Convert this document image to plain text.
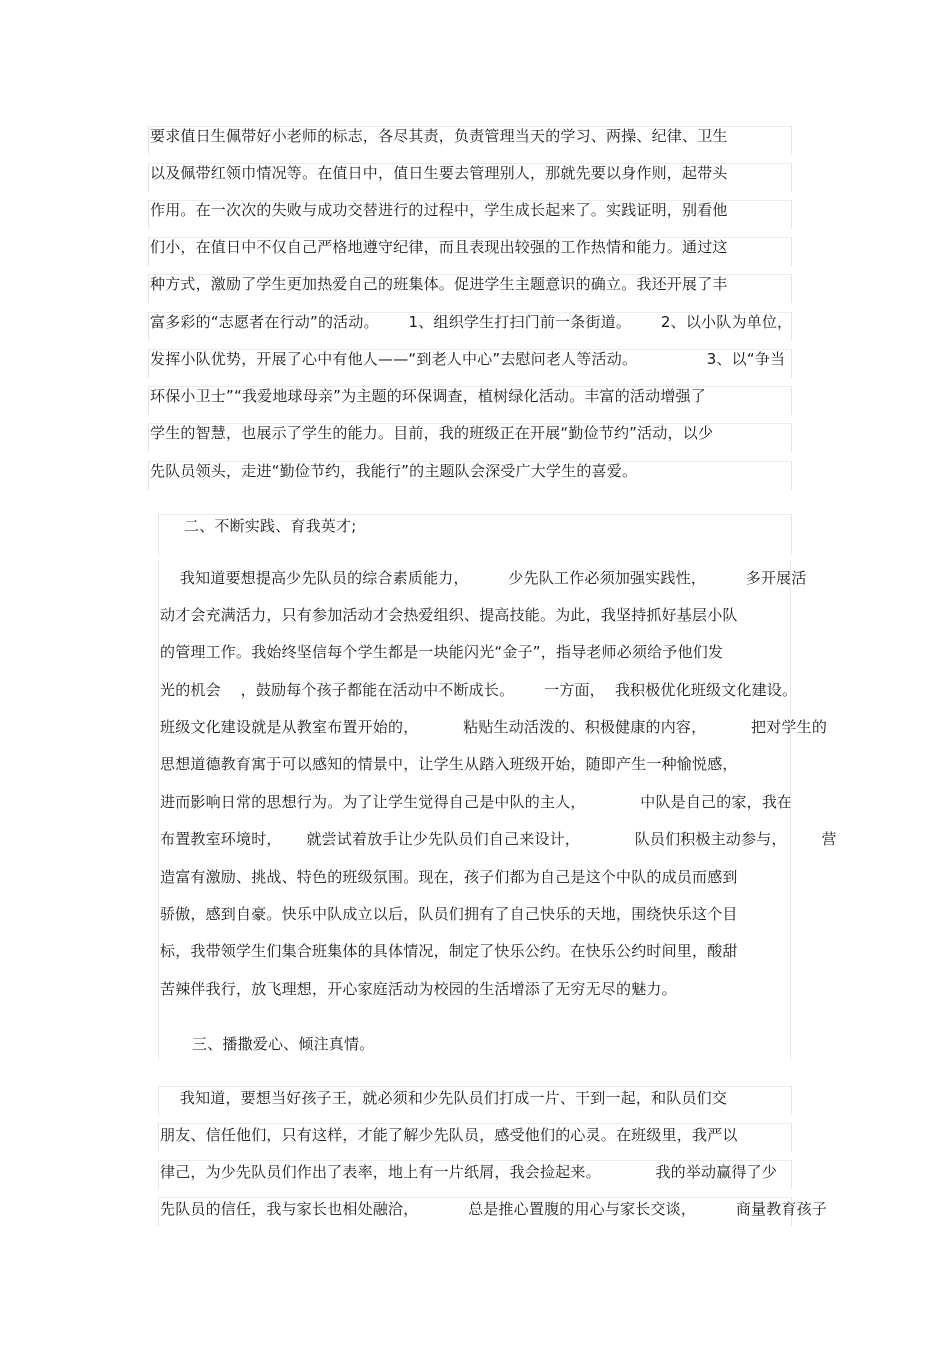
要求值日生佩带好小老师的标志，各尽其责，负责管理当天的学习、两操、纪律、卫生
以及佩带红领巾情况等。在值日中，值日生要去管理别人，那就先要以身作则，起带头
作用。在一次次的失败与成功交替进行的过程中，学生成长起来了。实践证明，别看他
们小，在值日中不仅自己严格地遵守纪律，而且表现出较强的工作热情和能力。通过这
种方式，激励了学生更加热爱自己的班集体。促进学生主题意识的确立。我还开展了丰
富多彩的“志愿者在行动”的活动。      1、组织学生打扫门前一条街道。      2、以小队为单位，
发挥小队优势，开展了心中有他人——“到老人中心”去慰问老人等活动。              3、以“争当
环保小卫士”“我爱地球母亲”为主题的环保调查，植树绿化活动。丰富的活动增强了
学生的智慧，也展示了学生的能力。目前，我的班级正在开展“勤俭节约”活动，以少
先队员领头，走进“勤俭节约，我能行”的主题队会深受广大学生的喜爱。
二、不断实践、育我英才;
我知道要想提高少先队员的综合素质能力，        少先队工作必须加强实践性，        多开展活
动才会充满活力，只有参加活动才会热爱组织、提高技能。为此，我坚持抓好基层小队
的管理工作。我始终坚信每个学生都是一块能闪光“金子”，指导老师必须给予他们发
光的机会    ，鼓励每个孩子都能在活动中不断成长。      一方面，  我积极优化班级文化建设。
班级文化建设就是从教室布置开始的，         粘贴生动活泼的、积极健康的内容，         把对学生的
思想道德教育寓于可以感知的情景中，让学生从踏入班级开始，随即产生一种愉悦感，
进而影响日常的思想行为。为了让学生觉得自己是中队的主人，           中队是自己的家，我在
布置教室环境时，     就尝试着放手让少先队员们自己来设计，           队员们积极主动参与，       营
造富有激励、挑战、特色的班级氛围。现在，孩子们都为自己是这个中队的成员而感到
骄傲，感到自豪。快乐中队成立以后，队员们拥有了自己快乐的天地，围绕快乐这个目
标，我带领学生们集合班集体的具体情况，制定了快乐公约。在快乐公约时间里，酸甜
苦辣伴我行，放飞理想，开心家庭活动为校园的生活增添了无穷无尽的魅力。
三、播撒爱心、倾注真情。
我知道，要想当好孩子王，就必须和少先队员们打成一片、干到一起，和队员们交
朋友、信任他们，只有这样，才能了解少先队员，感受他们的心灵。在班级里，我严以
律己，为少先队员们作出了表率，地上有一片纸屑，我会捡起来。           我的举动赢得了少
先队员的信任，我与家长也相处融洽，          总是推心置腹的用心与家长交谈，        商量教育孩子
